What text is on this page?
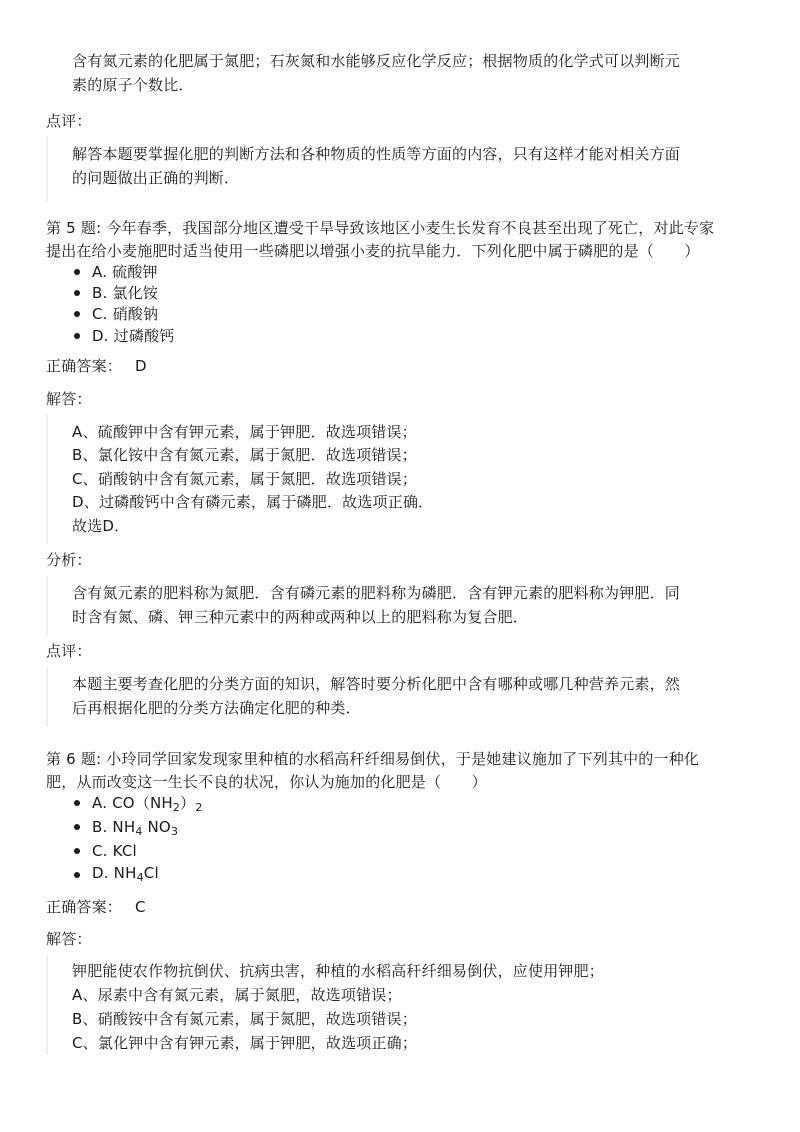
含有氮元素的化肥属于氮肥；石灰氮和水能够反应化学反应；根据物质的化学式可以判断元
素的原子个数比．
点评：
解答本题要掌握化肥的判断方法和各种物质的性质等方面的内容，只有这样才能对相关方面
的问题做出正确的判断．
第 5 题: 今年春季，我国部分地区遭受干旱导致该地区小麦生长发育不良甚至出现了死亡，对此专家
提出在给小麦施肥时适当使用一些磷肥以增强小麦的抗旱能力．下列化肥中属于磷肥的是（　　）
A. 硫酸钾
B. 氯化铵
C. 硝酸钠
D. 过磷酸钙
正确答案： D
解答：
A、硫酸钾中含有钾元素，属于钾肥．故选项错误；
B、氯化铵中含有氮元素，属于氮肥．故选项错误；
C、硝酸钠中含有氮元素，属于氮肥．故选项错误；
D、过磷酸钙中含有磷元素，属于磷肥．故选项正确．
故选D．
分析：
含有氮元素的肥料称为氮肥．含有磷元素的肥料称为磷肥．含有钾元素的肥料称为钾肥．同
时含有氮、磷、钾三种元素中的两种或两种以上的肥料称为复合肥．
点评：
本题主要考查化肥的分类方面的知识，解答时要分析化肥中含有哪种或哪几种营养元素，然
后再根据化肥的分类方法确定化肥的种类．
第 6 题: 小玲同学回家发现家里种植的水稻高秆纤细易倒伏，于是她建议施加了下列其中的一种化
肥，从而改变这一生长不良的状况，你认为施加的化肥是（　　）
A. $CO(NH_2)_2$
B. $NH_4$ $NO_3$
C. KCl
D. $NH_4Cl$
正确答案： C
解答：
钾肥能使农作物抗倒伏、抗病虫害，种植的水稻高秆纤细易倒伏，应使用钾肥；
A、尿素中含有氮元素，属于氮肥，故选项错误；
B、硝酸铵中含有氮元素，属于氮肥，故选项错误；
C、氯化钾中含有钾元素，属于钾肥，故选项正确；
